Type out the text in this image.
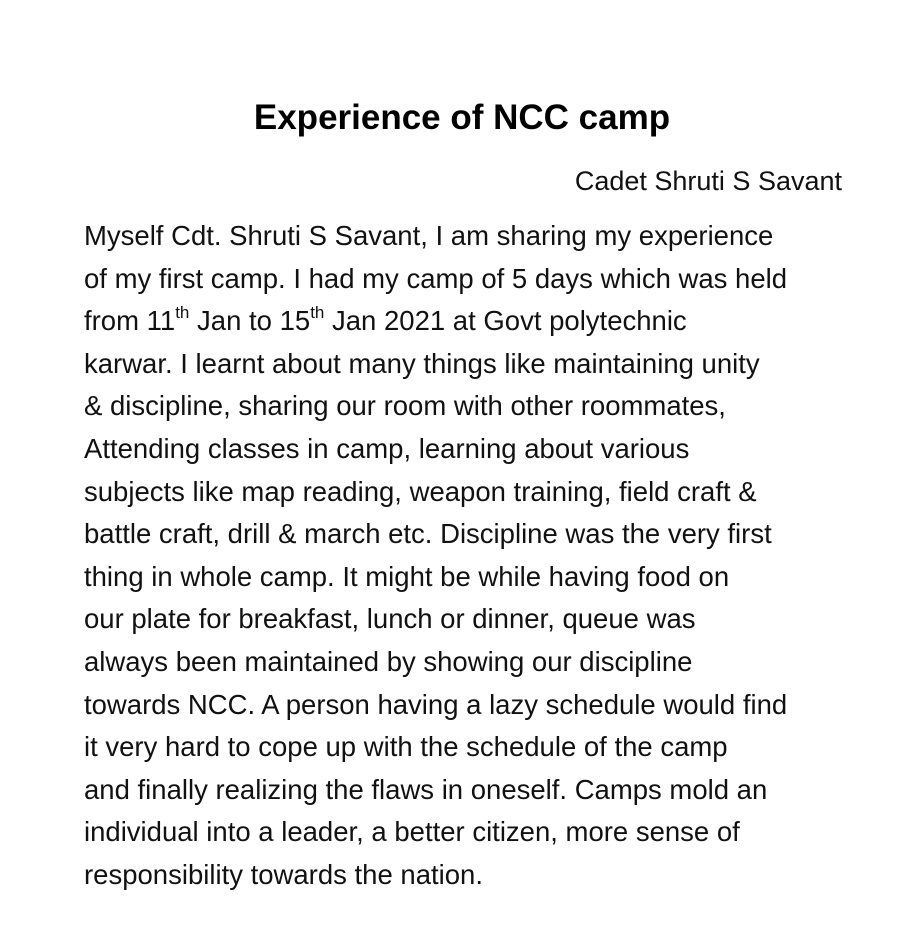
Experience of NCC camp
Cadet Shruti S Savant
Myself Cdt. Shruti S Savant, I am sharing my experience
of my first camp. I had my camp of 5 days which was held
from 11th Jan to 15th Jan 2021 at Govt polytechnic
karwar. I learnt about many things like maintaining unity
& discipline, sharing our room with other roommates,
Attending classes in camp, learning about various
subjects like map reading, weapon training, field craft &
battle craft, drill & march etc. Discipline was the very first
thing in whole camp. It might be while having food on
our plate for breakfast, lunch or dinner, queue was
always been maintained by showing our discipline
towards NCC. A person having a lazy schedule would find
it very hard to cope up with the schedule of the camp
and finally realizing the flaws in oneself. Camps mold an
individual into a leader, a better citizen, more sense of
responsibility towards the nation.
